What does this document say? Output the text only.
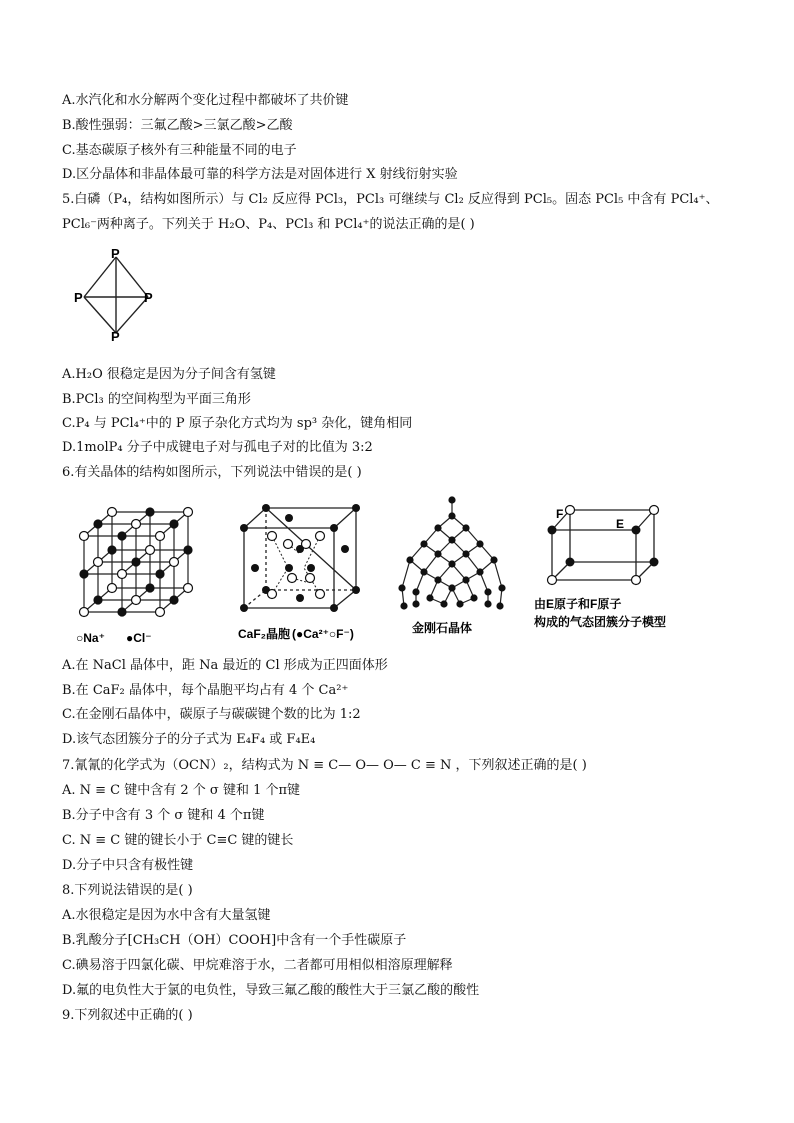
A.水汽化和水分解两个变化过程中都破坏了共价键
B.酸性强弱：三氟乙酸>三氯乙酸>乙酸
C.基态碳原子核外有三种能量不同的电子
D.区分晶体和非晶体最可靠的科学方法是对固体进行 X 射线衍射实验
5.白磷（P₄，结构如图所示）与 Cl₂ 反应得 PCl₃，PCl₃ 可继续与 Cl₂ 反应得到 PCl₅。固态 PCl₅ 中含有 PCl₄⁺、
PCl₆⁻两种离子。下列关于 H₂O、P₄、PCl₃ 和 PCl₄⁺的说法正确的是( )
P
P	P
P
A.H₂O 很稳定是因为分子间含有氢键
B.PCl₃ 的空间构型为平面三角形
C.P₄ 与 PCl₄⁺中的 P 原子杂化方式均为 sp³ 杂化，键角相同
D.1molP₄ 分子中成键电子对与孤电子对的比值为 3:2
6.有关晶体的结构如图所示，下列说法中错误的是( )
○Na⁺ ●Cl⁻	CaF₂晶胞 (●Ca²⁺○F⁻)	金刚石晶体
F
E
由E原子和F原子
构成的气态团簇分子模型
A.在 NaCl 晶体中，距 Na 最近的 Cl 形成为正四面体形
B.在 CaF₂ 晶体中，每个晶胞平均占有 4 个 Ca²⁺
C.在金刚石晶体中，碳原子与碳碳键个数的比为 1:2
D.该气态团簇分子的分子式为 E₄F₄ 或 F₄E₄
7.氰氰的化学式为（OCN）₂，结构式为 N ≡ C— O— O— C ≡ N ，下列叙述正确的是( )
A. N ≡ C 键中含有 2 个 σ 键和 1 个π键
B.分子中含有 3 个 σ 键和 4 个π键
C. N ≡ C 键的键长小于 C≡C 键的键长
D.分子中只含有极性键
8.下列说法错误的是( )
A.水很稳定是因为水中含有大量氢键
B.乳酸分子[CH₃CH（OH）COOH]中含有一个手性碳原子
C.碘易溶于四氯化碳、甲烷难溶于水，二者都可用相似相溶原理解释
D.氟的电负性大于氯的电负性，导致三氟乙酸的酸性大于三氯乙酸的酸性
9.下列叙述中正确的( )
